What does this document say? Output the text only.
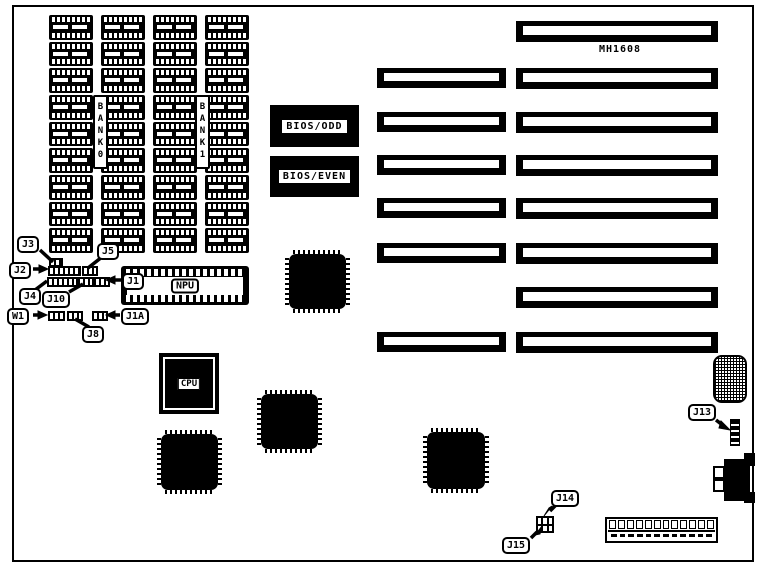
BANK0	BANK1	BIOS/ODD
BIOS/EVEN
NPU
CPU
MH1608
J3
J2
J5
J4	J10
J1
W1
J8
J1A
J13
J14
J15
